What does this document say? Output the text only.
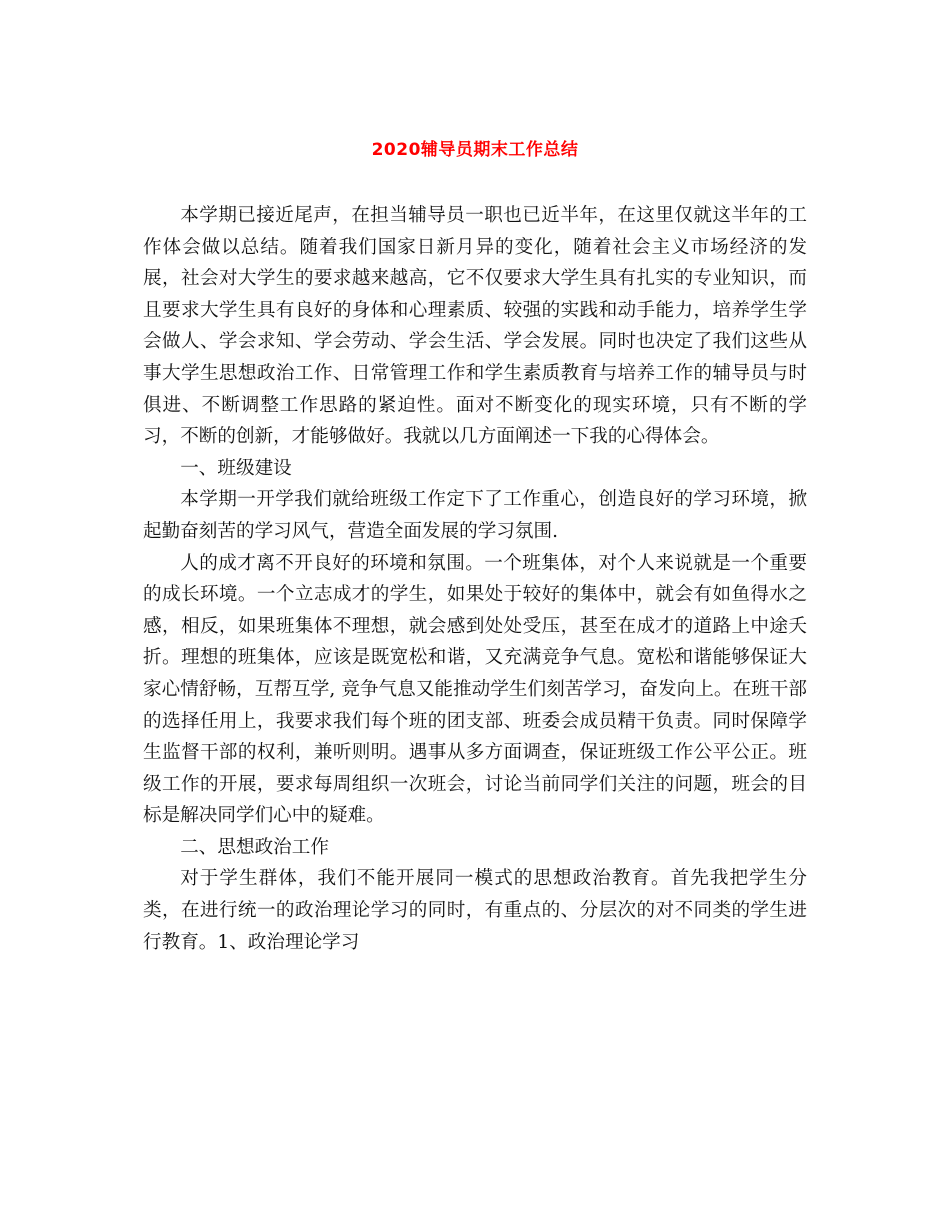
2020辅导员期末工作总结

本学期已接近尾声，在担当辅导员一职也已近半年，在这里仅就这半年的工作体会做以总结。随着我们国家日新月异的变化，随着社会主义市场经济的发展，社会对大学生的要求越来越高，它不仅要求大学生具有扎实的专业知识，而且要求大学生具有良好的身体和心理素质、较强的实践和动手能力，培养学生学会做人、学会求知、学会劳动、学会生活、学会发展。同时也决定了我们这些从事大学生思想政治工作、日常管理工作和学生素质教育与培养工作的辅导员与时俱进、不断调整工作思路的紧迫性。面对不断变化的现实环境，只有不断的学习，不断的创新，才能够做好。我就以几方面阐述一下我的心得体会。

一、班级建设

本学期一开学我们就给班级工作定下了工作重心，创造良好的学习环境，掀起勤奋刻苦的学习风气，营造全面发展的学习氛围.

人的成才离不开良好的环境和氛围。一个班集体，对个人来说就是一个重要的成长环境。一个立志成才的学生，如果处于较好的集体中，就会有如鱼得水之感，相反，如果班集体不理想，就会感到处处受压，甚至在成才的道路上中途夭折。理想的班集体，应该是既宽松和谐，又充满竞争气息。宽松和谐能够保证大家心情舒畅，互帮互学, 竞争气息又能推动学生们刻苦学习，奋发向上。在班干部的选择任用上，我要求我们每个班的团支部、班委会成员精干负责。同时保障学生监督干部的权利，兼听则明。遇事从多方面调查，保证班级工作公平公正。班级工作的开展，要求每周组织一次班会，讨论当前同学们关注的问题，班会的目标是解决同学们心中的疑难。

二、思想政治工作

对于学生群体，我们不能开展同一模式的思想政治教育。首先我把学生分类，在进行统一的政治理论学习的同时，有重点的、分层次的对不同类的学生进行教育。1、政治理论学习
